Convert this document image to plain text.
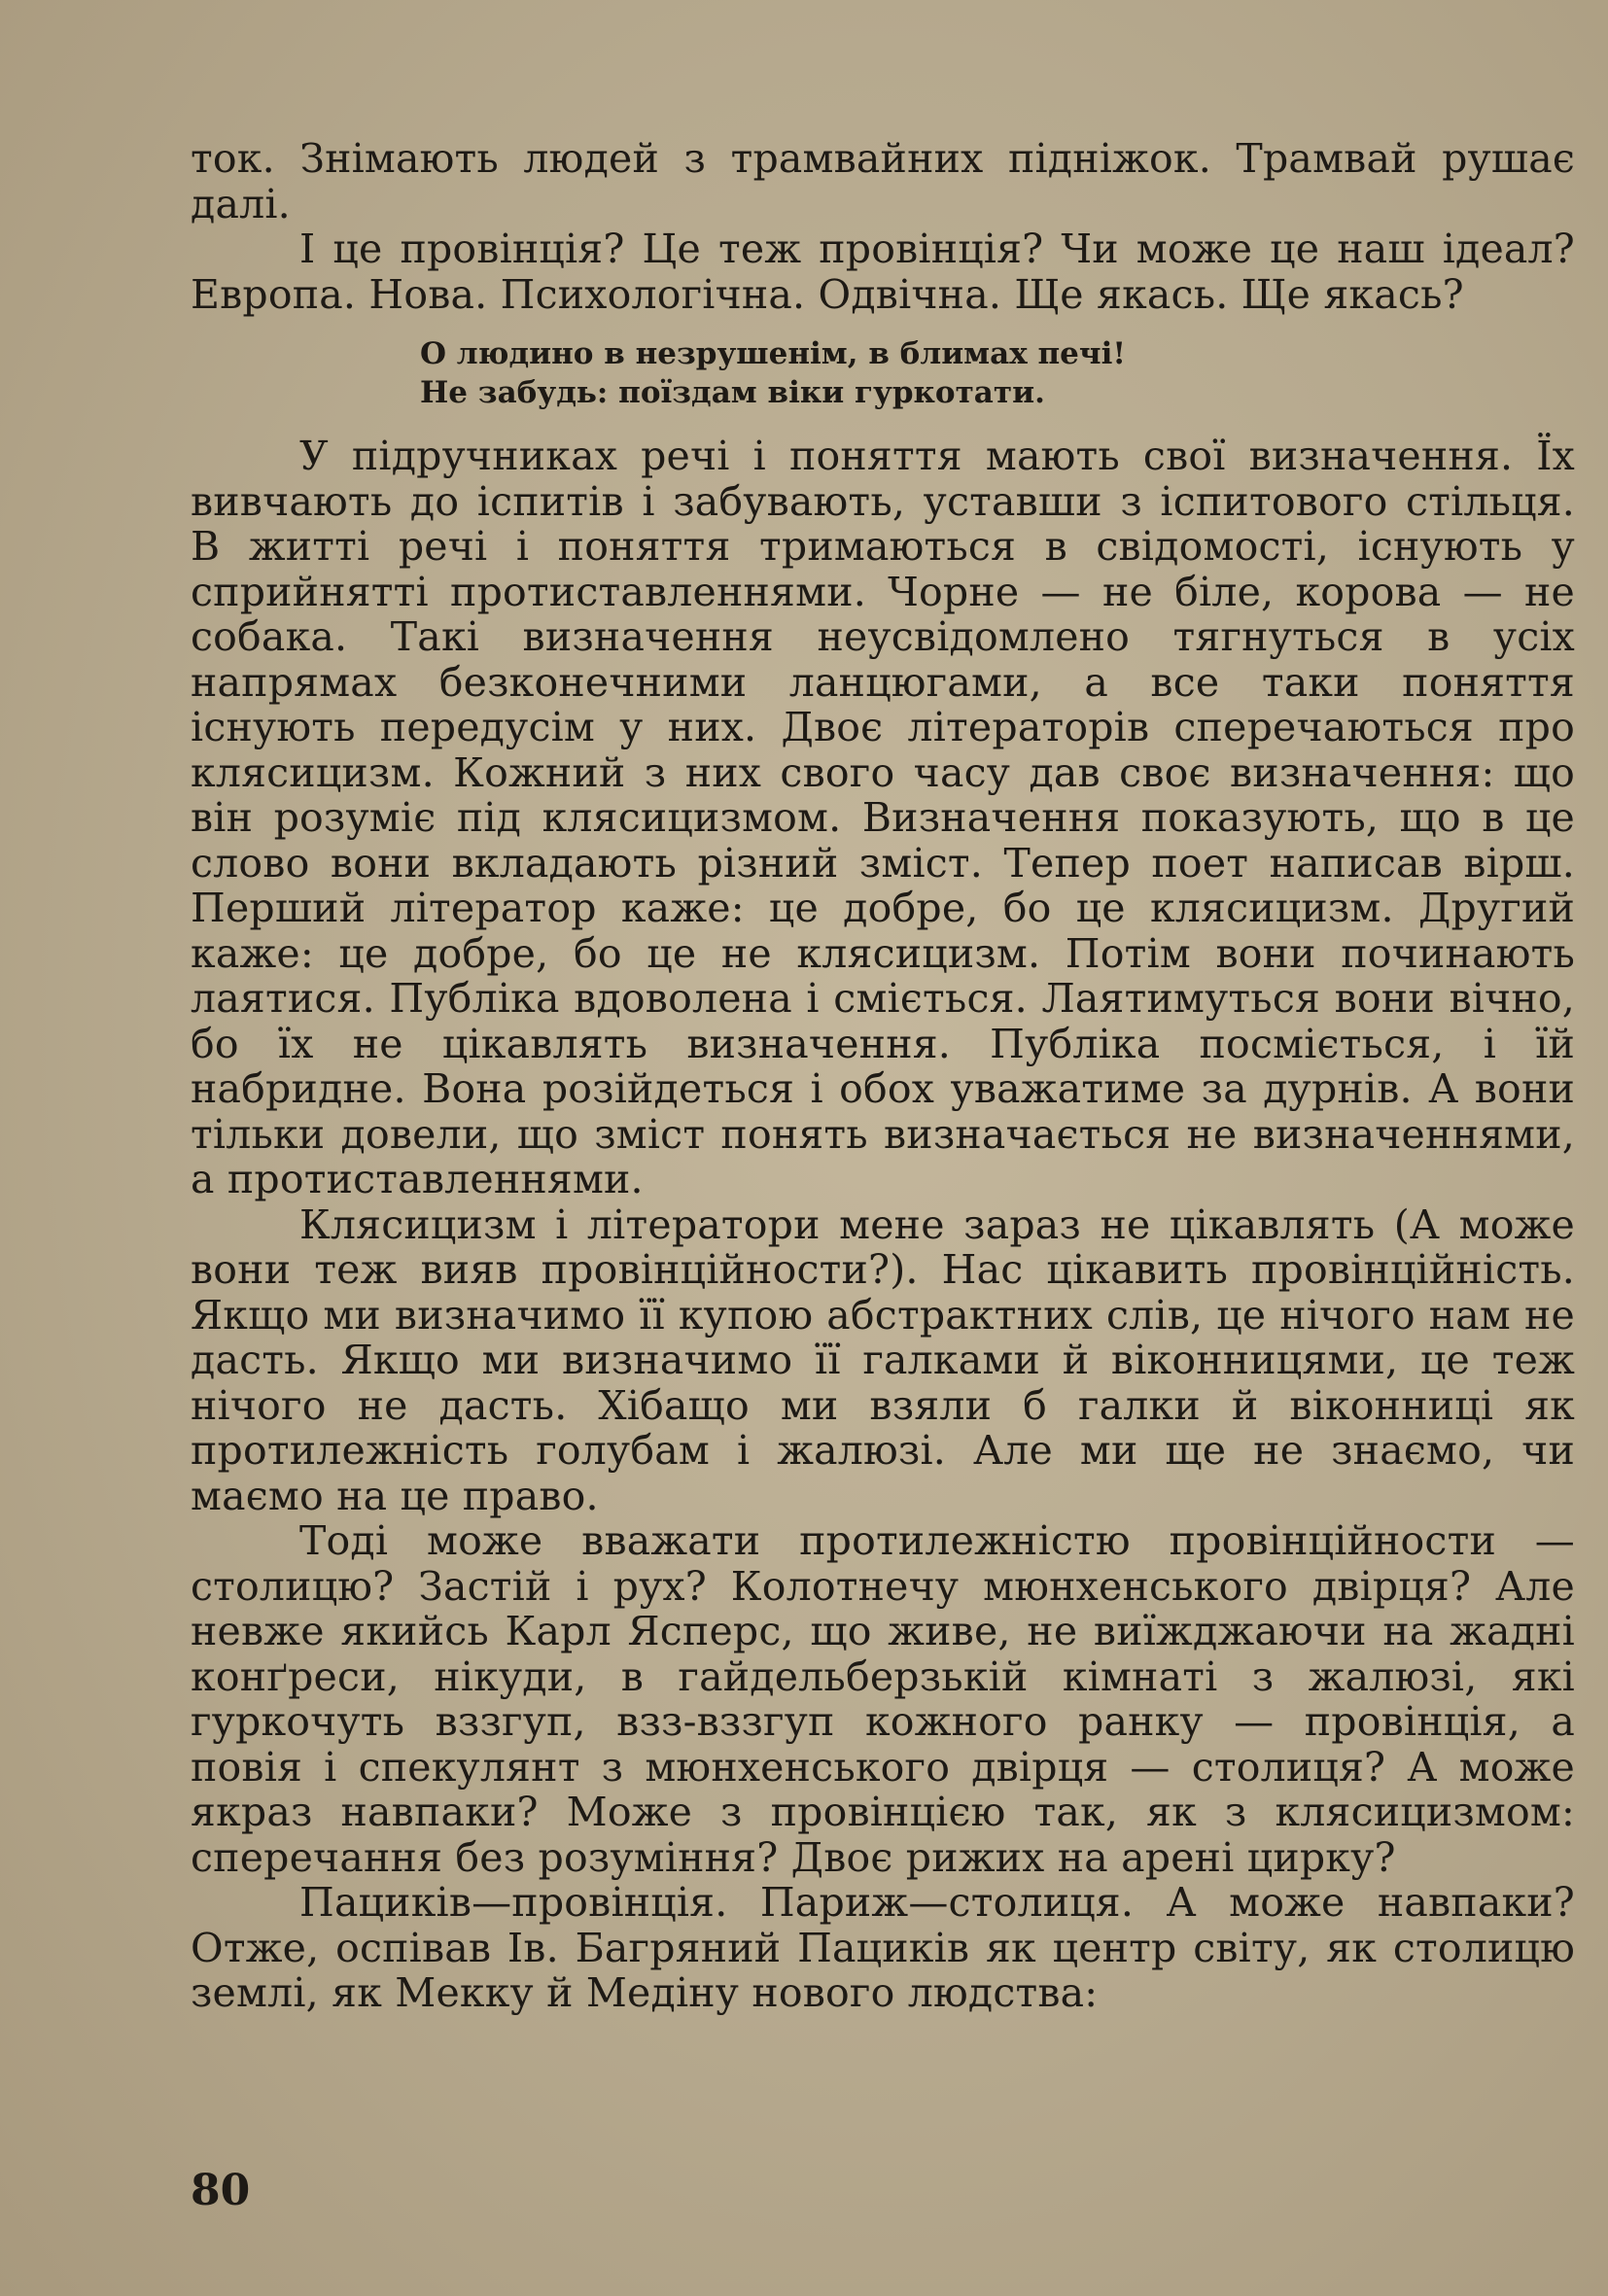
ток. Знімають людей з трамвайних підніжок. Трамвай рушає далі.

І це провінція? Це теж провінція? Чи може це наш ідеал? Европа. Нова. Психологічна. Одвічна. Ще якась. Ще якась?

О людино в незрушенім, в блимах печі!
Не забудь: поїздам віки гуркотати.

У підручниках речі і поняття мають свої визначення. Їх вивчають до іспитів і забувають, уставши з іспитового стільця. В житті речі і поняття тримаються в свідомості, існують у сприйнятті протиставленнями. Чорне — не біле, корова — не собака. Такі визначення неусвідомлено тягнуться в усіх напрямах безконечними ланцюгами, а все таки поняття існують передусім у них. Двоє літераторів сперечаються про клясицизм. Кожний з них свого часу дав своє визначення: що він розуміє під клясицизмом. Визначення показують, що в це слово вони вкладають різний зміст. Тепер поет написав вірш. Перший літератор каже: це добре, бо це клясицизм. Другий каже: це добре, бо це не клясицизм. Потім вони починають лаятися. Публіка вдоволена і сміється. Лаятимуться вони вічно, бо їх не цікавлять визначення. Публіка посміється, і їй набридне. Вона розійдеться і обох уважатиме за дурнів. А вони тільки довели, що зміст понять визначається не визначеннями, а протиставленнями.

Клясицизм і літератори мене зараз не цікавлять (А може вони теж вияв провінційности?). Нас цікавить провінційність. Якщо ми визначимо її купою абстрактних слів, це нічого нам не дасть. Якщо ми визначимо її галками й віконницями, це теж нічого не дасть. Хібащо ми взяли б галки й віконниці як протилежність голубам і жалюзі. Але ми ще не знаємо, чи маємо на це право.

Тоді може вважати протилежністю провінційности — столицю? Застій і рух? Колотнечу мюнхенського двірця? Але невже якийсь Карл Ясперс, що живе, не виїжджаючи на жадні конґреси, нікуди, в гайдельберзькій кімнаті з жалюзі, які гуркочуть вззгуп, взз-вззгуп кожного ранку — провінція, а повія і спекулянт з мюнхенського двірця — столиця? А може якраз навпаки? Може з провінцією так, як з клясицизмом: сперечання без розуміння? Двоє рижих на арені цирку?

Пациків—провінція. Париж—столиця. А може навпаки? Отже, оспівав Ів. Багряний Пациків як центр світу, як столицю землі, як Мекку й Медіну нового людства:

80
